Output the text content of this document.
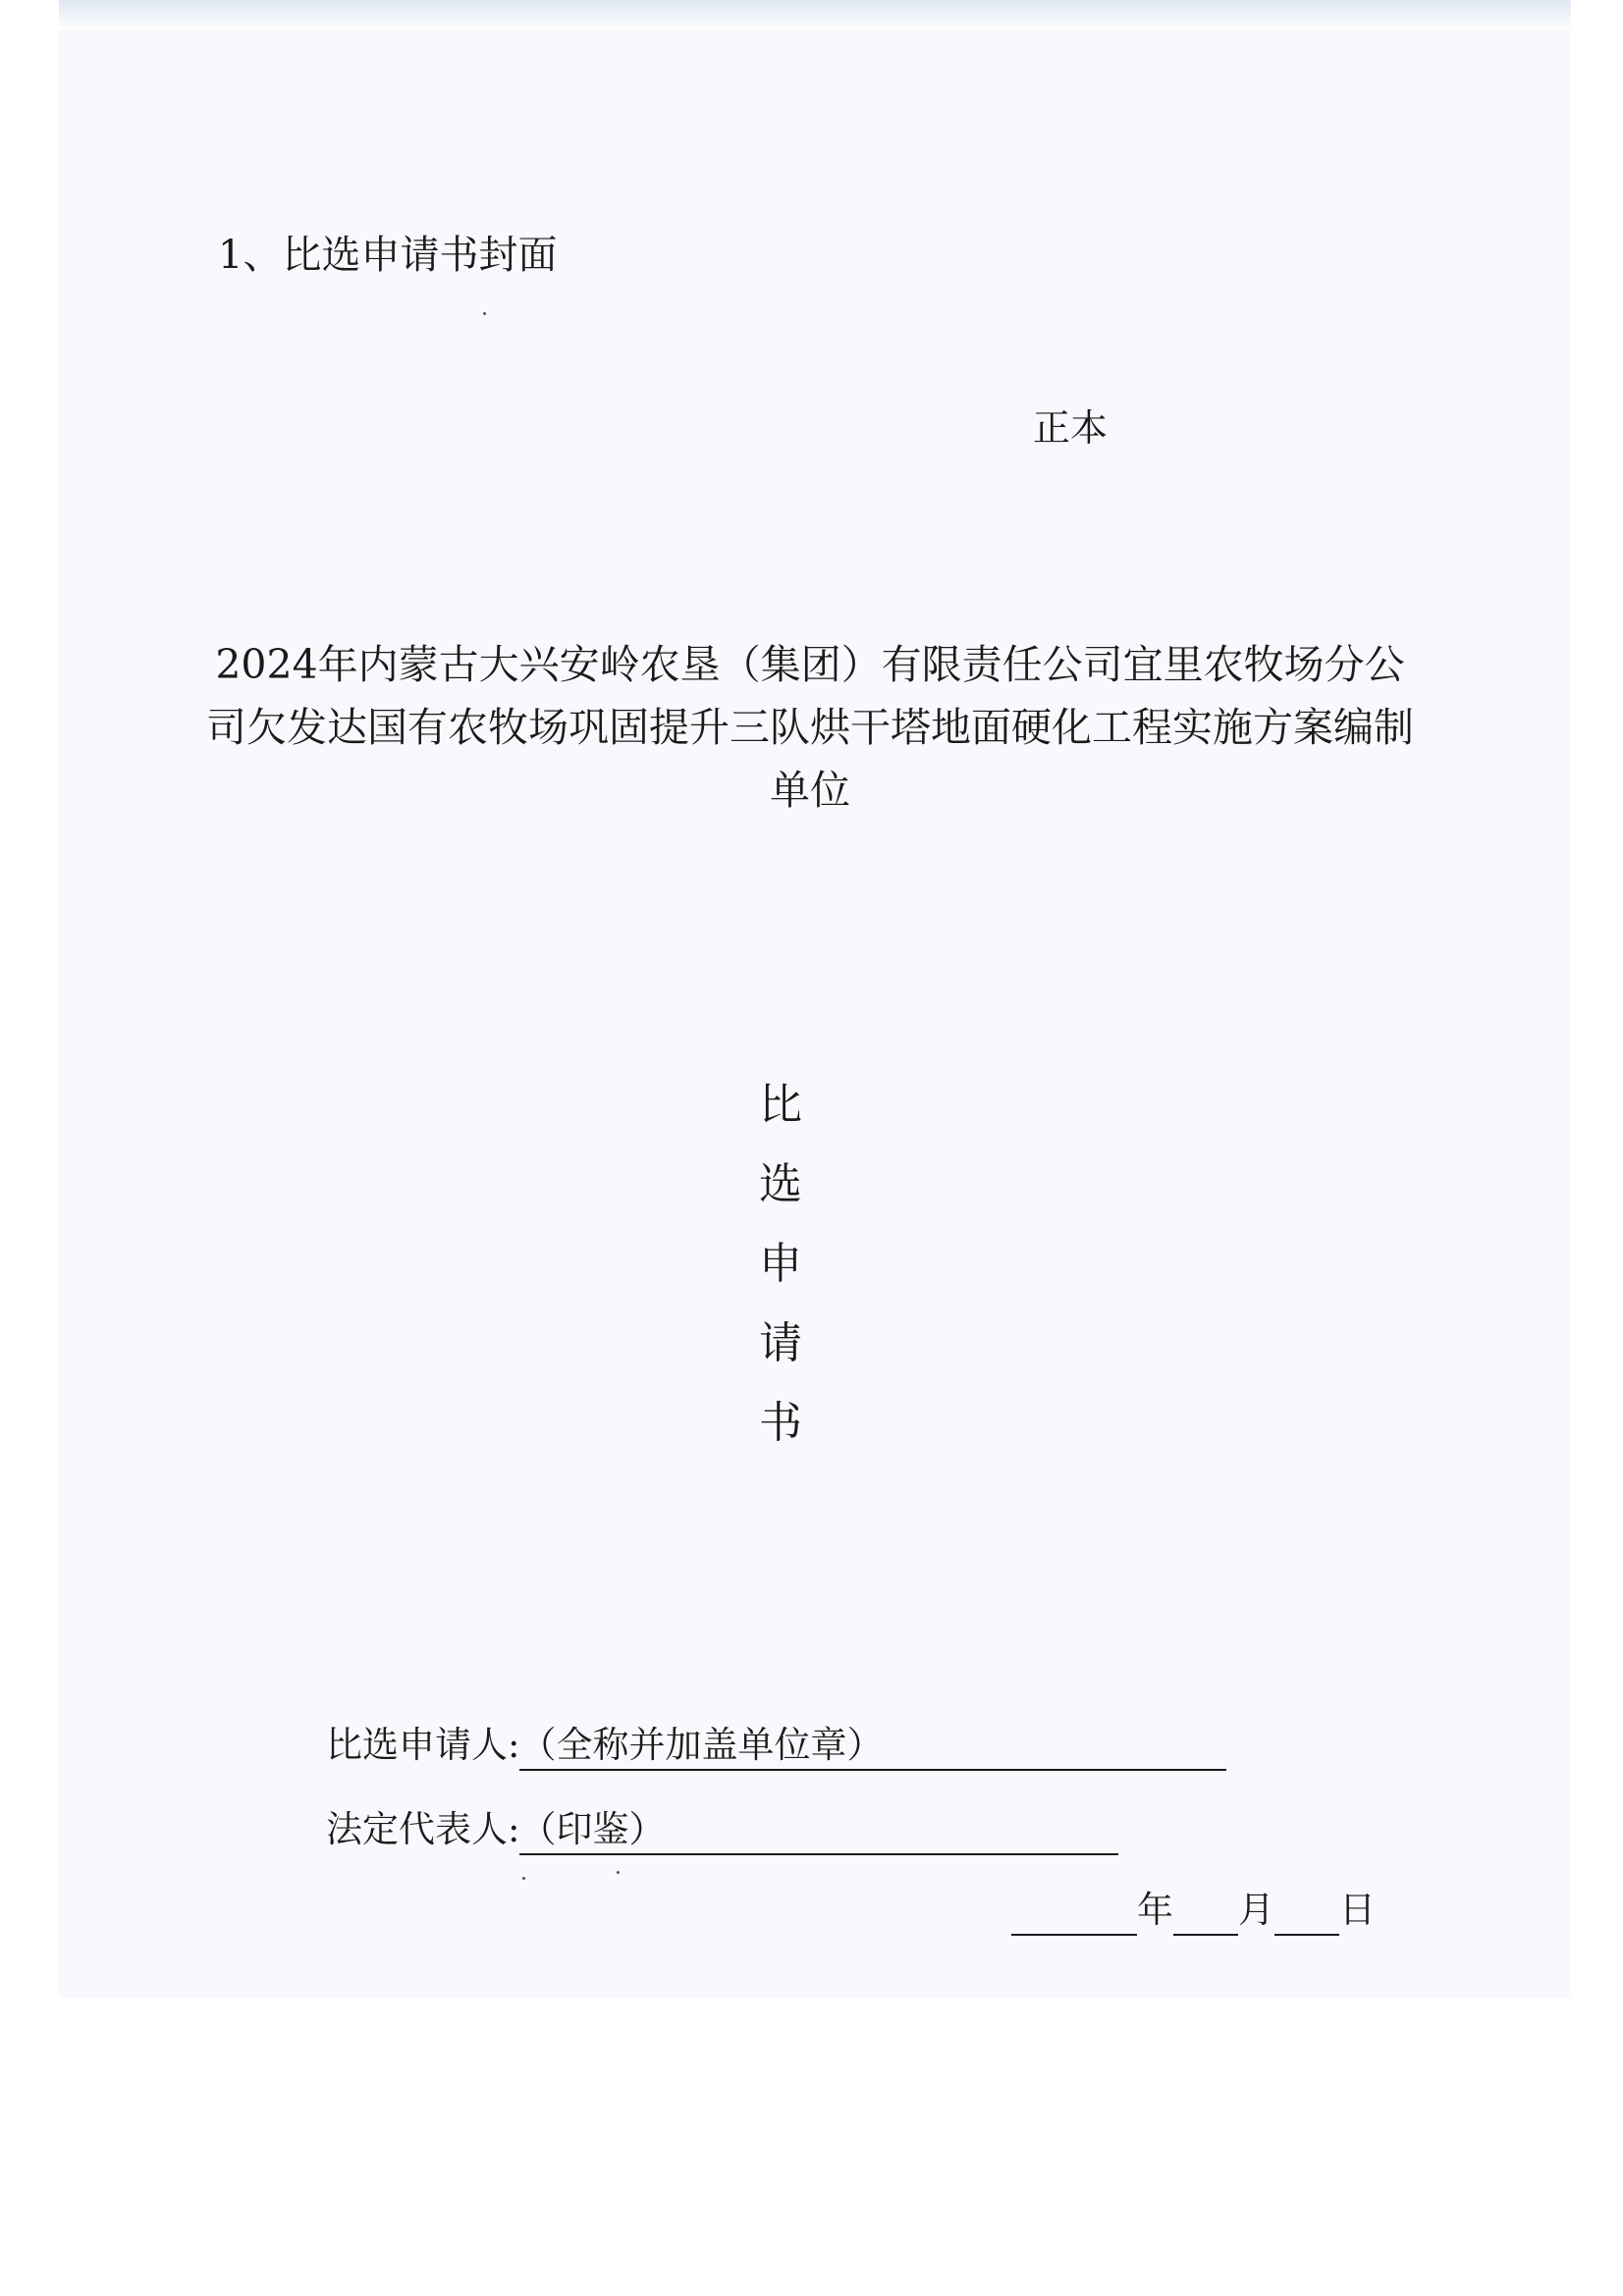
1、比选申请书封面
正本
2024年内蒙古大兴安岭农垦（集团）有限责任公司宜里农牧场分公司欠发达国有农牧场巩固提升三队烘干塔地面硬化工程实施方案编制单位
比
选
申
请
书
比选申请人:（全称并加盖单位章）
法定代表人:（印鉴）
年 月 日
